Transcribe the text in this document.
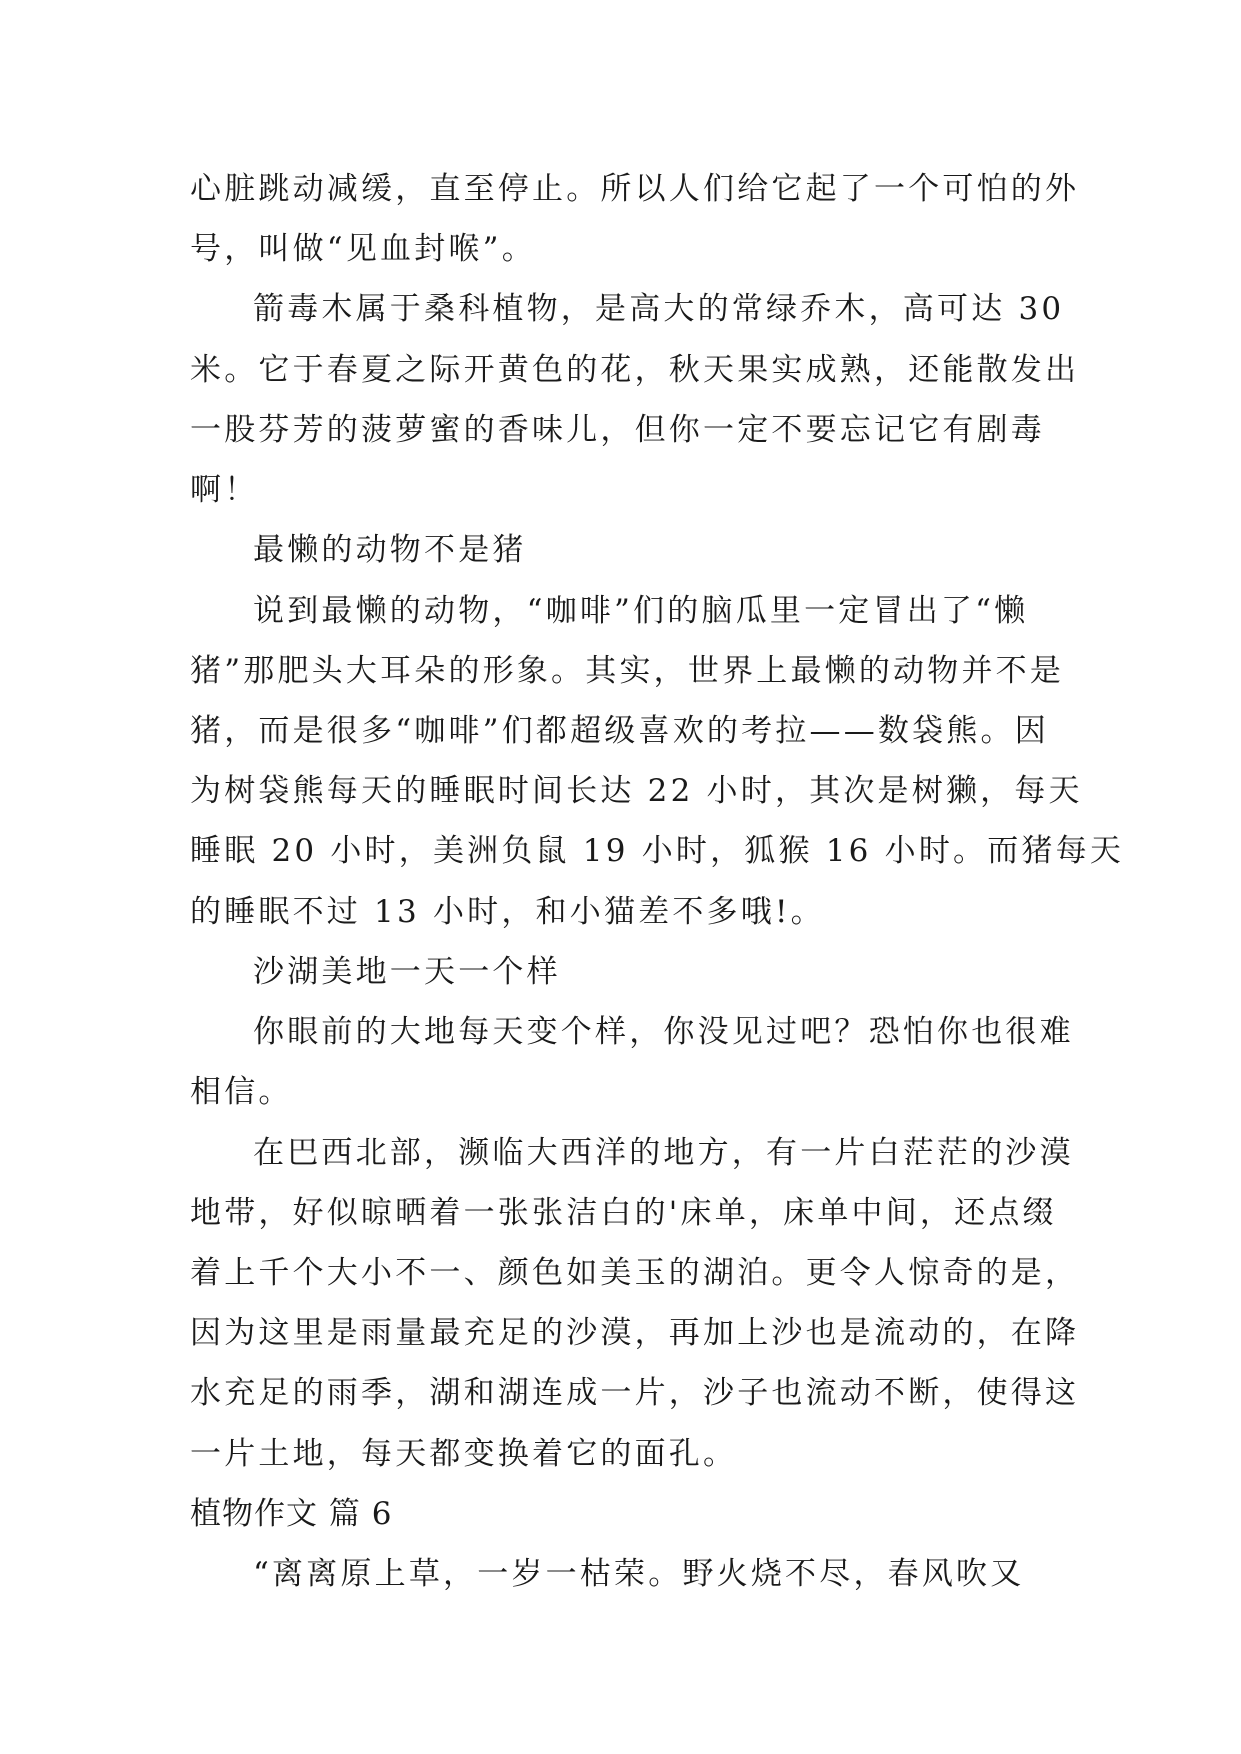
心脏跳动减缓，直至停止。所以人们给它起了一个可怕的外
号，叫做“见血封喉”。
箭毒木属于桑科植物，是高大的常绿乔木，高可达 30
米。它于春夏之际开黄色的花，秋天果实成熟，还能散发出
一股芬芳的菠萝蜜的香味儿，但你一定不要忘记它有剧毒
啊！
最懒的动物不是猪
说到最懒的动物，“咖啡”们的脑瓜里一定冒出了“懒
猪”那肥头大耳朵的形象。其实，世界上最懒的动物并不是
猪，而是很多“咖啡”们都超级喜欢的考拉——数袋熊。因
为树袋熊每天的睡眠时间长达 22 小时，其次是树獭，每天
睡眠 20 小时，美洲负鼠 19 小时，狐猴 16 小时。而猪每天
的睡眠不过 13 小时，和小猫差不多哦!。
沙湖美地一天一个样
你眼前的大地每天变个样，你没见过吧？恐怕你也很难
相信。
在巴西北部，濒临大西洋的地方，有一片白茫茫的沙漠
地带，好似晾晒着一张张洁白的'床单，床单中间，还点缀
着上千个大小不一、颜色如美玉的湖泊。更令人惊奇的是，
因为这里是雨量最充足的沙漠，再加上沙也是流动的，在降
水充足的雨季，湖和湖连成一片，沙子也流动不断，使得这
一片土地，每天都变换着它的面孔。
植物作文 篇 6
“离离原上草，一岁一枯荣。野火烧不尽，春风吹又
